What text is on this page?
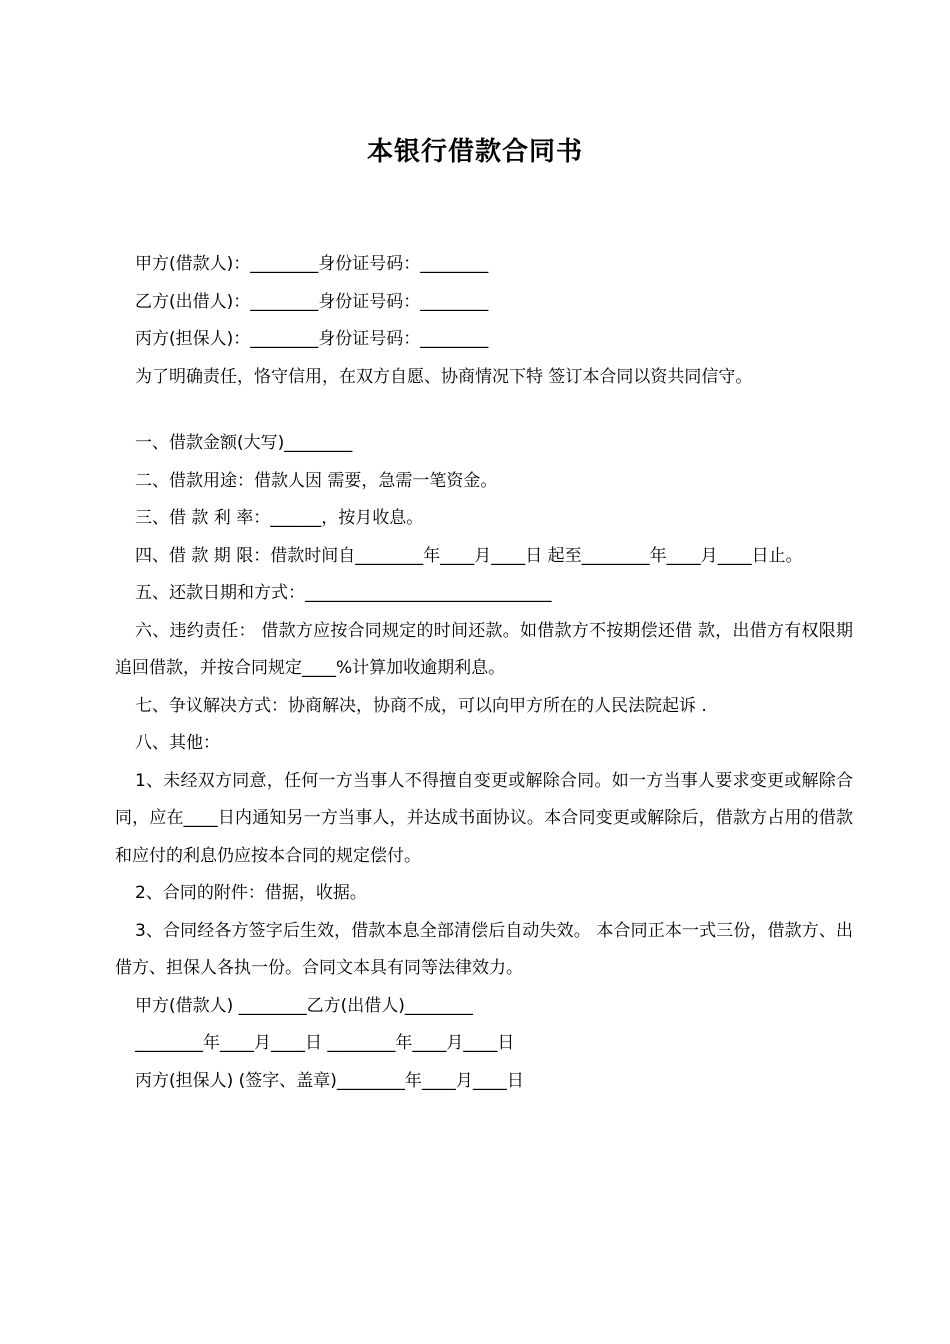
本银行借款合同书
甲方(借款人)：________身份证号码：________
乙方(出借人)：________身份证号码：________
丙方(担保人)：________身份证号码：________
为了明确责任，恪守信用，在双方自愿、协商情况下特 签订本合同以资共同信守。
一、借款金额(大写)________
二、借款用途：借款人因 需要，急需一笔资金。
三、借 款 利 率：______，按月收息。
四、借 款 期 限：借款时间自________年____月____日 起至________年____月____日止。
五、还款日期和方式：_____________________________
六、违约责任： 借款方应按合同规定的时间还款。如借款方不按期偿还借 款，出借方有权限期追回借款，并按合同规定____%计算加收逾期利息。
七、争议解决方式：协商解决，协商不成，可以向甲方所在的人民法院起诉 .
八、其他：
1、未经双方同意，任何一方当事人不得擅自变更或解除合同。如一方当事人要求变更或解除合同，应在____日内通知另一方当事人，并达成书面协议。本合同变更或解除后，借款方占用的借款和应付的利息仍应按本合同的规定偿付。
2、合同的附件：借据，收据。
3、合同经各方签字后生效，借款本息全部清偿后自动失效。 本合同正本一式三份，借款方、出借方、担保人各执一份。合同文本具有同等法律效力。
甲方(借款人) ________乙方(出借人)________
________年____月____日 ________年____月____日
丙方(担保人) (签字、盖章)________年____月____日
